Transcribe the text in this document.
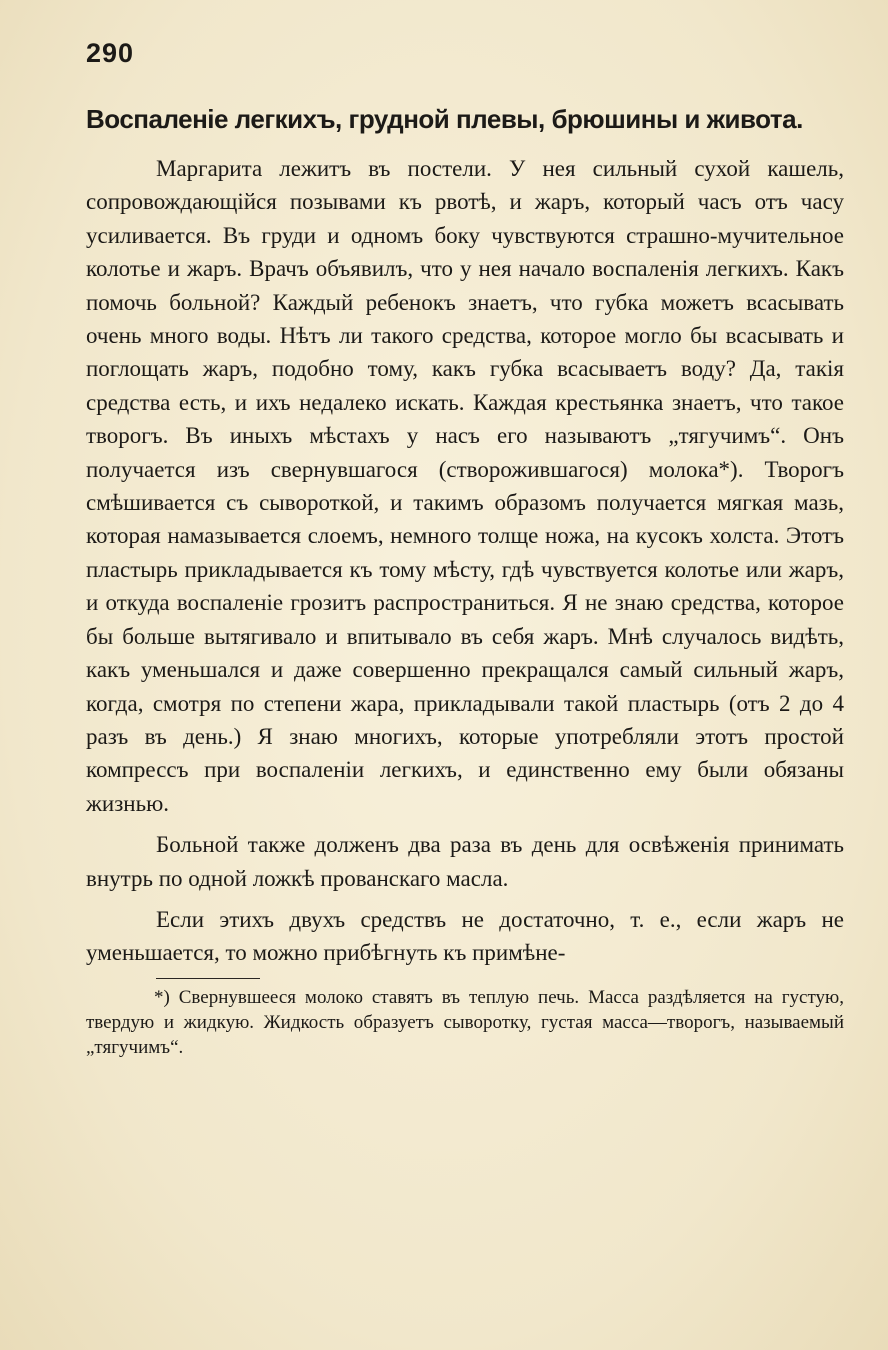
290
Воспаленіе легкихъ, грудной плевы, брюшины и живота.

Маргарита лежитъ въ постели. У нея сильный сухой кашель, сопровождающійся позывами къ рвотѣ, и жаръ, который часъ отъ часу усиливается. Въ груди и одномъ боку чувствуются страшно-мучительное колотье и жаръ. Врачъ объявилъ, что у нея начало воспаленія легкихъ. Какъ помочь больной? Каждый ребенокъ знаетъ, что губка можетъ всасывать очень много воды. Нѣтъ ли такого средства, которое могло бы всасывать и поглощать жаръ, подобно тому, какъ губка всасываетъ воду? Да, такія средства есть, и ихъ недалеко искать. Каждая крестьянка знаетъ, что такое творогъ. Въ иныхъ мѣстахъ у насъ его называютъ „тягучимъ“. Онъ получается изъ свернувшагося (створожившагося) молока*). Творогъ смѣшивается съ сывороткой, и такимъ образомъ получается мягкая мазь, которая намазывается слоемъ, немного толще ножа, на кусокъ холста. Этотъ пластырь прикладывается къ тому мѣсту, гдѣ чувствуется колотье или жаръ, и откуда воспаленіе грозитъ распространиться. Я не знаю средства, которое бы больше вытягивало и впитывало въ себя жаръ. Мнѣ случалось видѣть, какъ уменьшался и даже совершенно прекращался самый сильный жаръ, когда, смотря по степени жара, прикладывали такой пластырь (отъ 2 до 4 разъ въ день.) Я знаю многихъ, которые употребляли этотъ простой компрессъ при воспаленіи легкихъ, и единственно ему были обязаны жизнью.

Больной также долженъ два раза въ день для освѣженія принимать внутрь по одной ложкѣ прованскаго масла.

Если этихъ двухъ средствъ не достаточно, т. е., если жаръ не уменьшается, то можно прибѣгнуть къ примѣне-

*) Свернувшееся молоко ставятъ въ теплую печь. Масса раздѣляется на густую, твердую и жидкую. Жидкость образуетъ сыворотку, густая масса—творогъ, называемый „тягучимъ“.
